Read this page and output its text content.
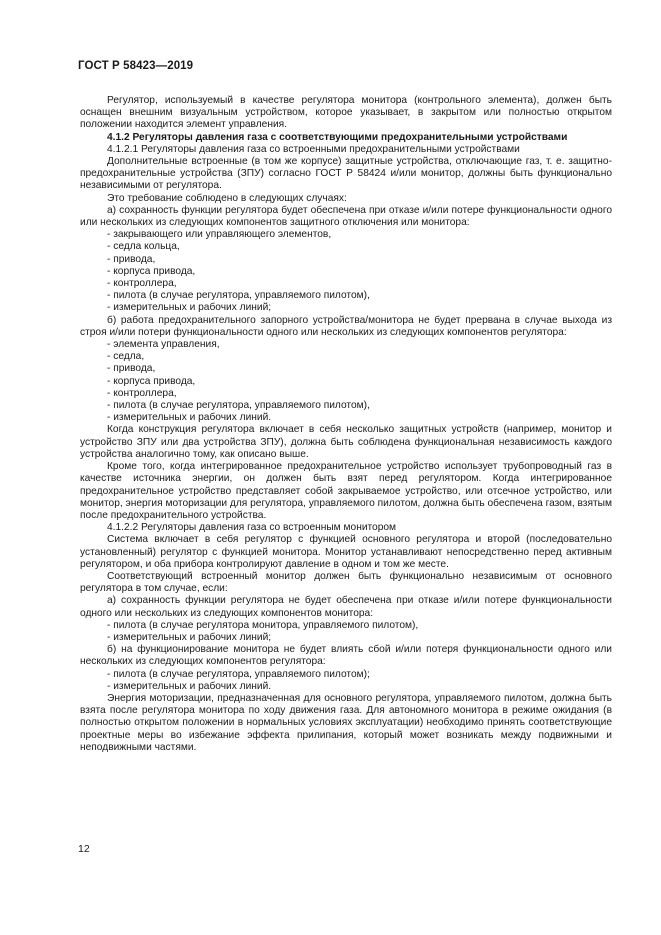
ГОСТ Р 58423—2019

Регулятор, используемый в качестве регулятора монитора (контрольного элемента), должен быть оснащен внешним визуальным устройством, которое указывает, в закрытом или полностью открытом положении находится элемент управления.

4.1.2 Регуляторы давления газа с соответствующими предохранительными устройствами

4.1.2.1 Регуляторы давления газа со встроенными предохранительными устройствами

Дополнительные встроенные (в том же корпусе) защитные устройства, отключающие газ, т. е. защитно-предохранительные устройства (ЗПУ) согласно ГОСТ Р 58424 и/или монитор, должны быть функционально независимыми от регулятора.

Это требование соблюдено в следующих случаях:

а) сохранность функции регулятора будет обеспечена при отказе и/или потере функциональности одного или нескольких из следующих компонентов защитного отключения или монитора:

- закрывающего или управляющего элементов,

- седла кольца,

- привода,

- корпуса привода,

- контроллера,

- пилота (в случае регулятора, управляемого пилотом),

- измерительных и рабочих линий;

б) работа предохранительного запорного устройства/монитора не будет прервана в случае выхода из строя и/или потери функциональности одного или нескольких из следующих компонентов регулятора:

- элемента управления,

- седла,

- привода,

- корпуса привода,

- контроллера,

- пилота (в случае регулятора, управляемого пилотом),

- измерительных и рабочих линий.

Когда конструкция регулятора включает в себя несколько защитных устройств (например, монитор и устройство ЗПУ или два устройства ЗПУ), должна быть соблюдена функциональная независимость каждого устройства аналогично тому, как описано выше.

Кроме того, когда интегрированное предохранительное устройство использует трубопроводный газ в качестве источника энергии, он должен быть взят перед регулятором. Когда интегрированное предохранительное устройство представляет собой закрываемое устройство, или отсечное устройство, или монитор, энергия моторизации для регулятора, управляемого пилотом, должна быть обеспечена газом, взятым после предохранительного устройства.

4.1.2.2 Регуляторы давления газа со встроенным монитором

Система включает в себя регулятор с функцией основного регулятора и второй (последовательно установленный) регулятор с функцией монитора. Монитор устанавливают непосредственно перед активным регулятором, и оба прибора контролируют давление в одном и том же месте.

Соответствующий встроенный монитор должен быть функционально независимым от основного регулятора в том случае, если:

а) сохранность функции регулятора не будет обеспечена при отказе и/или потере функциональности одного или нескольких из следующих компонентов монитора:

- пилота (в случае регулятора монитора, управляемого пилотом),

- измерительных и рабочих линий;

б) на функционирование монитора не будет влиять сбой и/или потеря функциональности одного или нескольких из следующих компонентов регулятора:

- пилота (в случае регулятора, управляемого пилотом);

- измерительных и рабочих линий.

Энергия моторизации, предназначенная для основного регулятора, управляемого пилотом, должна быть взята после регулятора монитора по ходу движения газа. Для автономного монитора в режиме ожидания (в полностью открытом положении в нормальных условиях эксплуатации) необходимо принять соответствующие проектные меры во избежание эффекта прилипания, который может возникать между подвижными и неподвижными частями.

12
